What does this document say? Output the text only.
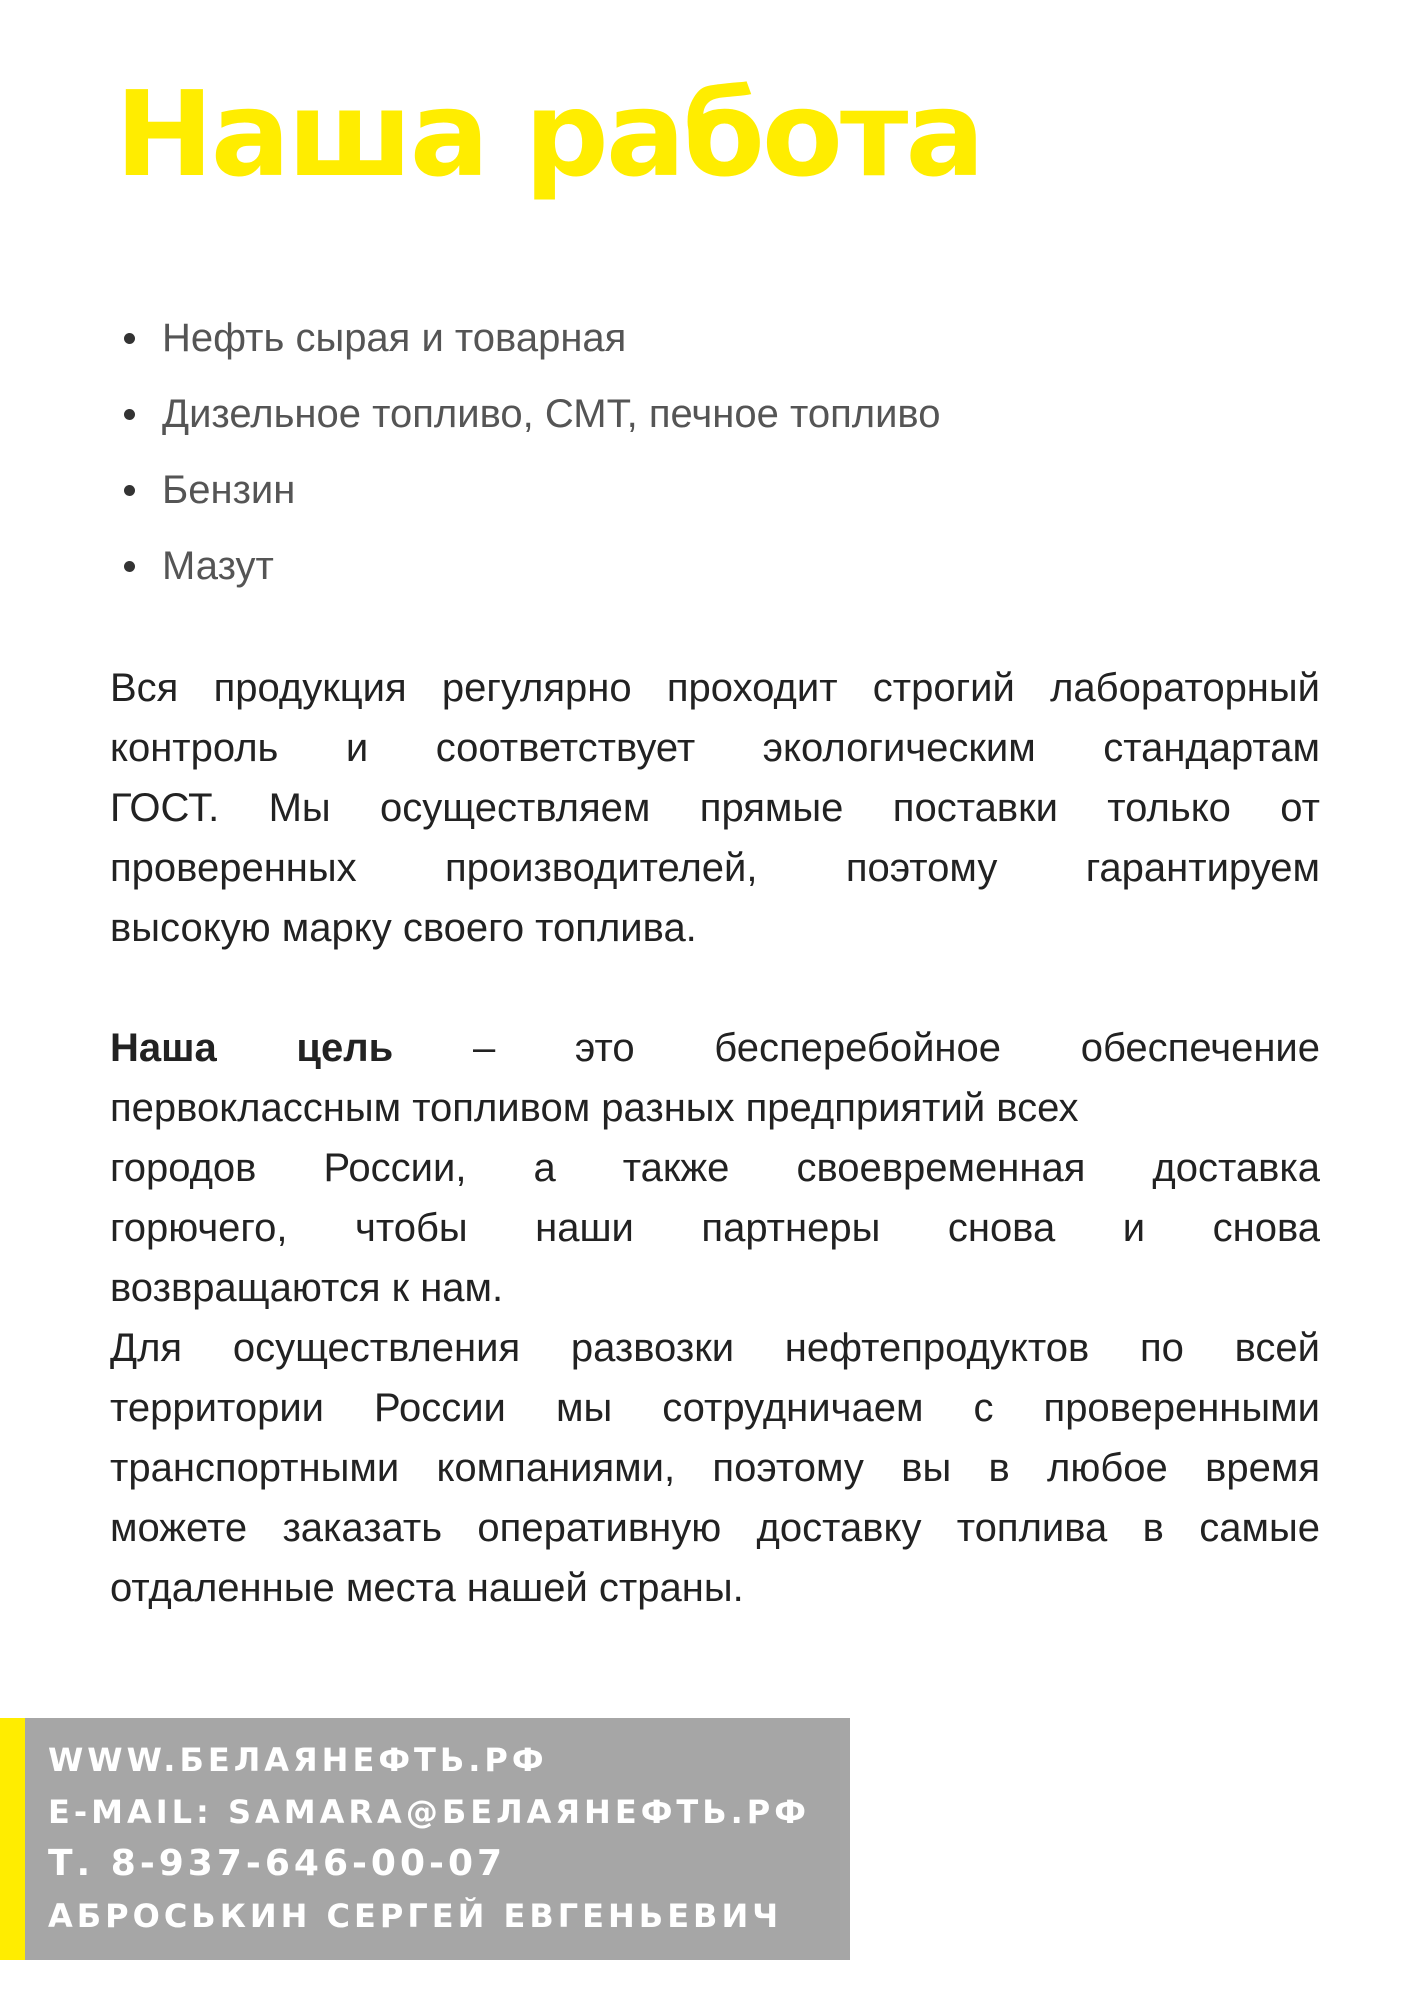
Наша работа
Нефть сырая и товарная
Дизельное топливо, СМТ, печное топливо
Бензин
Мазут
Вся продукция регулярно проходит строгий лабораторный
контроль и соответствует экологическим стандартам
ГОСТ. Мы осуществляем прямые поставки только от
проверенных производителей, поэтому гарантируем
высокую марку своего топлива.
Наша цель – это бесперебойное обеспечение
первоклассным топливом разных предприятий всех
городов России, а также своевременная доставка
горючего, чтобы наши партнеры снова и снова
возвращаются к нам.
Для осуществления развозки нефтепродуктов по всей
территории России мы сотрудничаем с проверенными
транспортными компаниями, поэтому вы в любое время
можете заказать оперативную доставку топлива в самые
отдаленные места нашей страны.
WWW.БЕЛАЯНЕФТЬ.РФ
E-MAIL: SAMARA@БЕЛАЯНЕФТЬ.РФ
Т. 8-937-646-00-07
АБРОСЬКИН СЕРГЕЙ ЕВГЕНЬЕВИЧ
